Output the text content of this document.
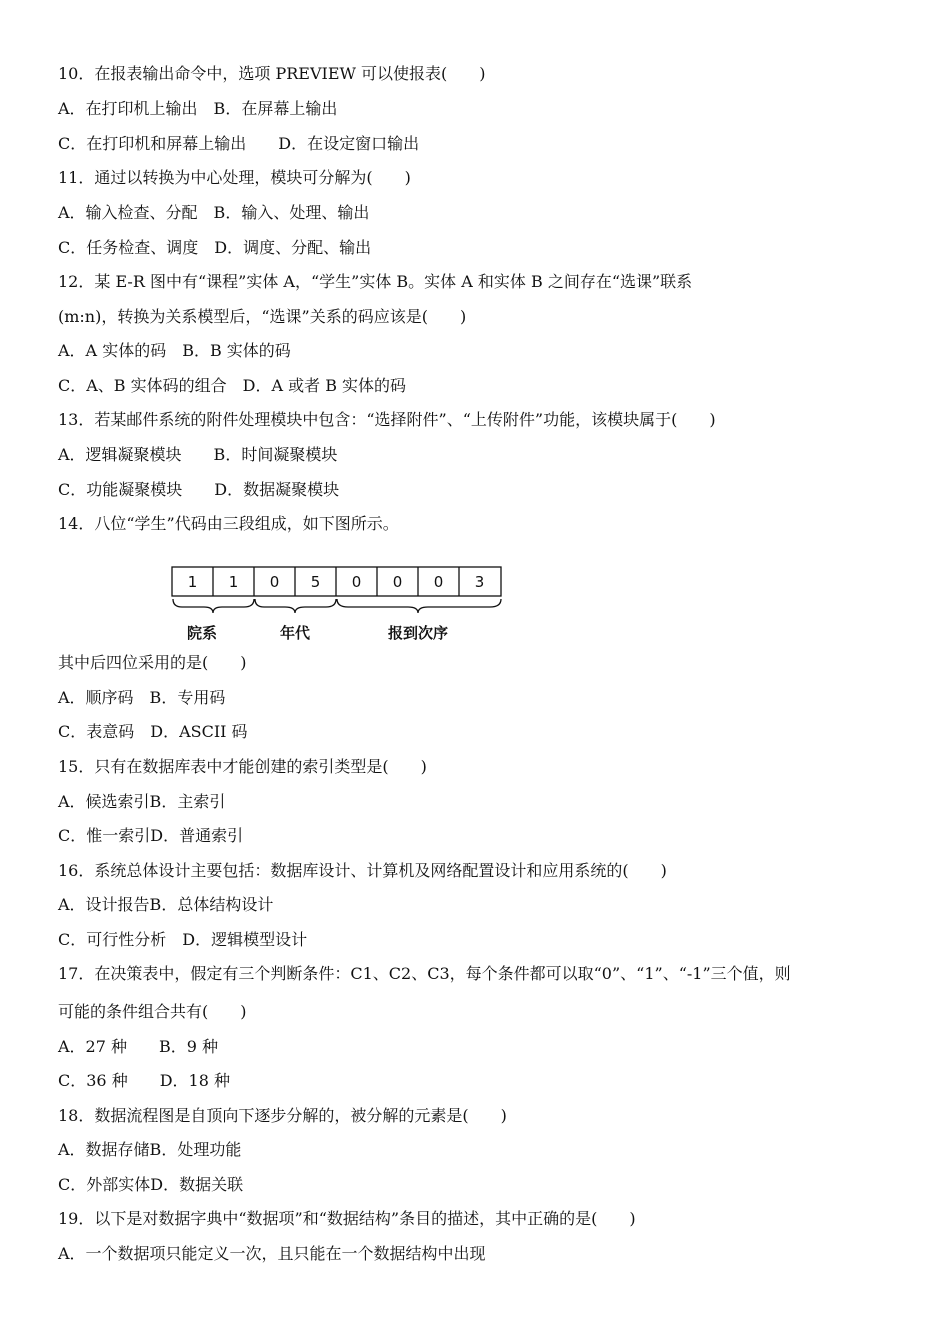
10．在报表输出命令中，选项 PREVIEW 可以使报表(　　)
A．在打印机上输出　B．在屏幕上输出
C．在打印机和屏幕上输出　　D．在设定窗口输出
11．通过以转换为中心处理，模块可分解为(　　)
A．输入检查、分配　B．输入、处理、输出
C．任务检查、调度　D．调度、分配、输出
12．某 E-R 图中有“课程”实体 A，“学生”实体 B。实体 A 和实体 B 之间存在“选课”联系
(m:n)，转换为关系模型后，“选课”关系的码应该是(　　)
A．A 实体的码　B．B 实体的码
C．A、B 实体码的组合　D．A 或者 B 实体的码
13．若某邮件系统的附件处理模块中包含：“选择附件”、“上传附件”功能，该模块属于(　　)
A．逻辑凝聚模块　　B．时间凝聚模块
C．功能凝聚模块　　D．数据凝聚模块
14．八位“学生”代码由三段组成，如下图所示。
1 1 0 5 0 0 0 3
院系	年代	报到次序
其中后四位采用的是(　　)
A．顺序码　B．专用码
C．表意码　D．ASCII 码
15．只有在数据库表中才能创建的索引类型是(　　)
A．候选索引B．主索引
C．惟一索引D．普通索引
16．系统总体设计主要包括：数据库设计、计算机及网络配置设计和应用系统的(　　)
A．设计报告B．总体结构设计
C．可行性分析　D．逻辑模型设计
17．在决策表中，假定有三个判断条件：C1、C2、C3，每个条件都可以取“0”、“1”、“-1”三个值，则
可能的条件组合共有(　　)
A．27 种　　B．9 种
C．36 种　　D．18 种
18．数据流程图是自顶向下逐步分解的，被分解的元素是(　　)
A．数据存储B．处理功能
C．外部实体D．数据关联
19．以下是对数据字典中“数据项”和“数据结构”条目的描述，其中正确的是(　　)
A．一个数据项只能定义一次，且只能在一个数据结构中出现
